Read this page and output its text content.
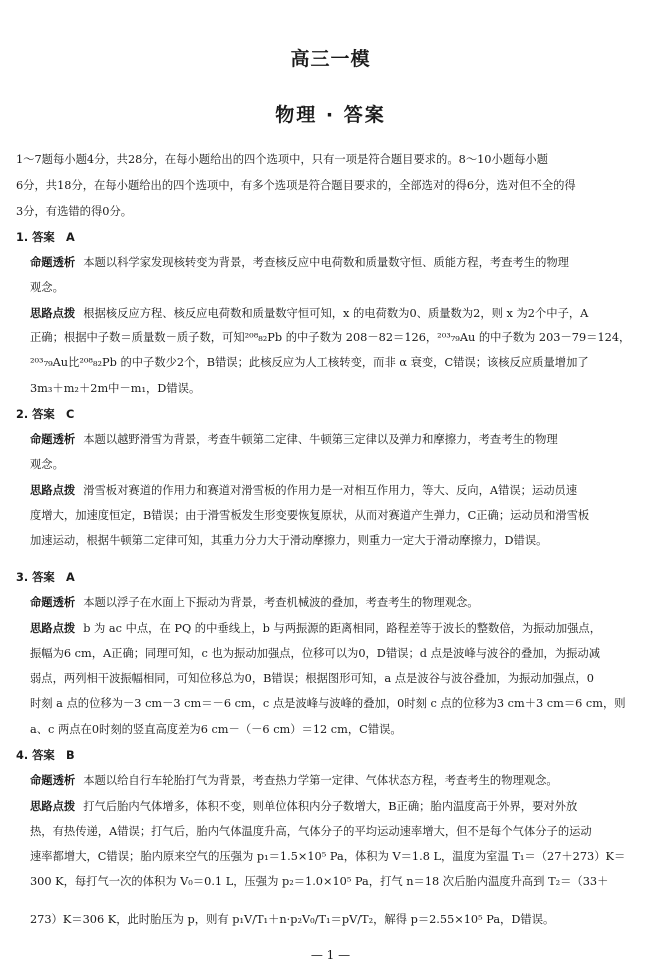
高三一模
物理 · 答案
1～7题每小题4分，共28分，在每小题给出的四个选项中，只有一项是符合题目要求的。8～10小题每小题
6分，共18分，在每小题给出的四个选项中，有多个选项是符合题目要求的，全部选对的得6分，选对但不全的得
3分，有选错的得0分。
1. 答案　A
命题透析 本题以科学家发现核转变为背景，考查核反应中电荷数和质量数守恒、质能方程，考查考生的物理
观念。
思路点拨 根据核反应方程、核反应电荷数和质量数守恒可知，x 的电荷数为0、质量数为2，则 x 为2个中子，A
正确；根据中子数＝质量数－质子数，可知²⁰⁸₈₂Pb 的中子数为 208－82＝126，²⁰³₇₉Au 的中子数为 203－79＝124，
²⁰³₇₉Au比²⁰⁸₈₂Pb 的中子数少2个，B错误；此核反应为人工核转变，而非 α 衰变，C错误；该核反应质量增加了
3m₃＋m₂＋2m中－m₁，D错误。
2. 答案　C
命题透析 本题以越野滑雪为背景，考查牛顿第二定律、牛顿第三定律以及弹力和摩擦力，考查考生的物理
观念。
思路点拨 滑雪板对赛道的作用力和赛道对滑雪板的作用力是一对相互作用力，等大、反向，A错误；运动员速
度增大，加速度恒定，B错误；由于滑雪板发生形变要恢复原状，从而对赛道产生弹力，C正确；运动员和滑雪板
加速运动，根据牛顿第二定律可知，其重力分力大于滑动摩擦力，则重力一定大于滑动摩擦力，D错误。
3. 答案　A
命题透析 本题以浮子在水面上下振动为背景，考查机械波的叠加，考查考生的物理观念。
思路点拨 b 为 ac 中点，在 PQ 的中垂线上，b 与两振源的距离相同，路程差等于波长的整数倍，为振动加强点，
振幅为6 cm，A正确；同理可知，c 也为振动加强点，位移可以为0，D错误；d 点是波峰与波谷的叠加，为振动减
弱点，两列相干波振幅相同，可知位移总为0，B错误；根据图形可知，a 点是波谷与波谷叠加，为振动加强点，0
时刻 a 点的位移为－3 cm－3 cm＝－6 cm，c 点是波峰与波峰的叠加，0时刻 c 点的位移为3 cm＋3 cm＝6 cm，则
a、c 两点在0时刻的竖直高度差为6 cm－（－6 cm）＝12 cm，C错误。
4. 答案　B
命题透析 本题以给自行车轮胎打气为背景，考查热力学第一定律、气体状态方程，考查考生的物理观念。
思路点拨 打气后胎内气体增多，体积不变，则单位体积内分子数增大，B正确；胎内温度高于外界，要对外放
热，有热传递，A错误；打气后，胎内气体温度升高，气体分子的平均运动速率增大，但不是每个气体分子的运动
速率都增大，C错误；胎内原来空气的压强为 p₁＝1.5×10⁵ Pa，体积为 V＝1.8 L，温度为室温 T₁＝（27＋273）K＝
300 K，每打气一次的体积为 V₀＝0.1 L，压强为 p₂＝1.0×10⁵ Pa，打气 n＝18 次后胎内温度升高到 T₂＝（33＋
273）K＝306 K，此时胎压为 p，则有 p₁V/T₁＋n·p₂V₀/T₁＝pV/T₂，解得 p＝2.55×10⁵ Pa，D错误。
— 1 —
